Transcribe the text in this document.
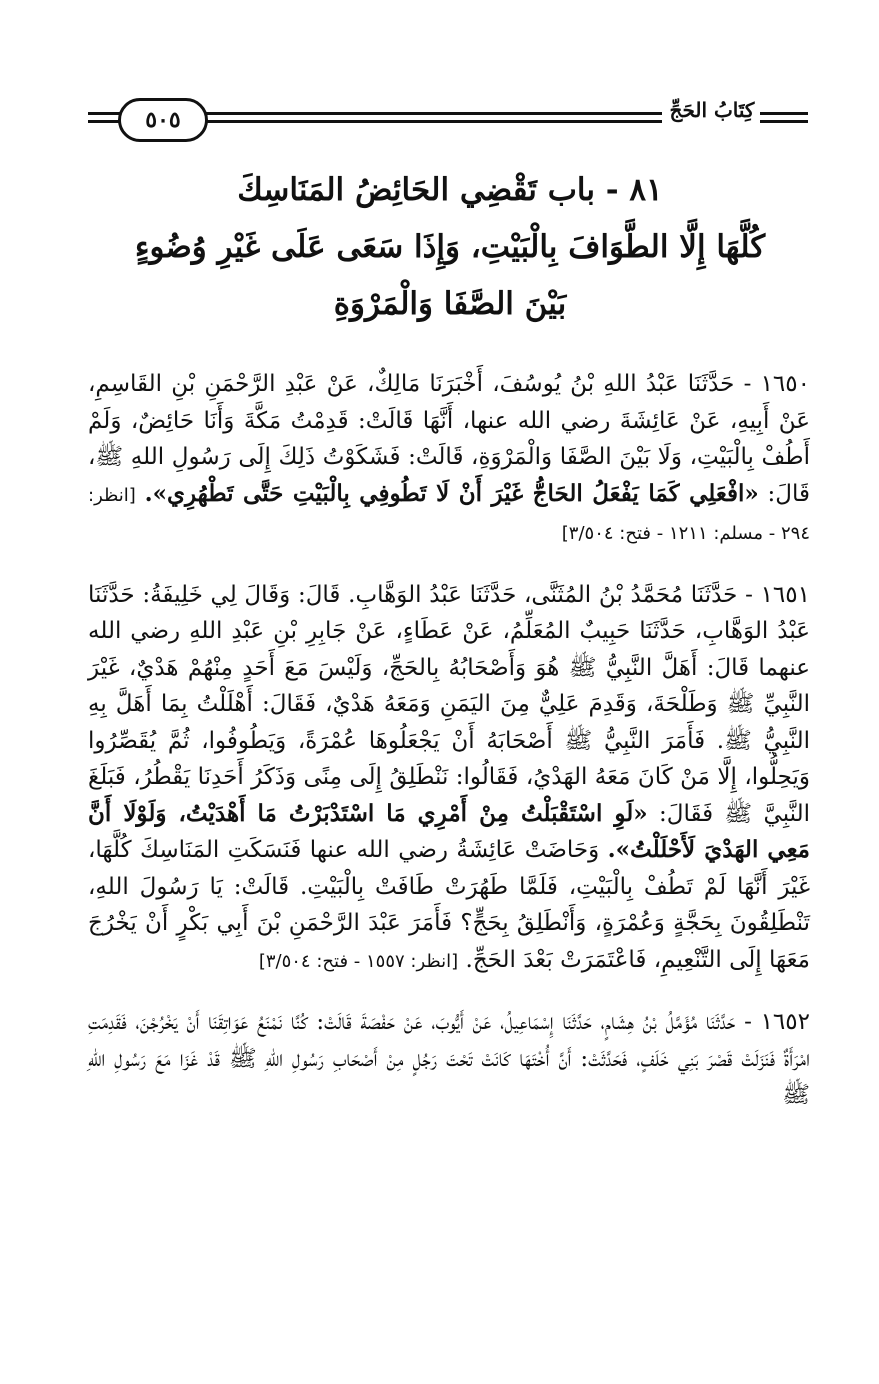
٥٠٥	كِتَابُ الحَجِّ
٨١ - باب تَقْضِي الحَائِضُ المَنَاسِكَ
كُلَّهَا إِلَّا الطَّوَافَ بِالْبَيْتِ، وَإِذَا سَعَى عَلَى غَيْرِ وُضُوءٍ
بَيْنَ الصَّفَا وَالْمَرْوَةِ

١٦٥٠ - حَدَّثَنَا عَبْدُ اللهِ بْنُ يُوسُفَ، أَخْبَرَنَا مَالِكٌ، عَنْ عَبْدِ الرَّحْمَنِ بْنِ القَاسِمِ، عَنْ أَبِيهِ، عَنْ عَائِشَةَ رضي الله عنها، أَنَّهَا قَالَتْ: قَدِمْتُ مَكَّةَ وَأَنَا حَائِضٌ، وَلَمْ أَطُفْ بِالْبَيْتِ، وَلَا بَيْنَ الصَّفَا وَالْمَرْوَةِ، قَالَتْ: فَشَكَوْتُ ذَلِكَ إِلَى رَسُولِ اللهِ ﷺ، قَالَ: «افْعَلِي كَمَا يَفْعَلُ الحَاجُّ غَيْرَ أَنْ لَا تَطُوفِي بِالْبَيْتِ حَتَّى تَطْهُرِي». [انظر: ٢٩٤ - مسلم: ١٢١١ - فتح: ٣/٥٠٤]

١٦٥١ - حَدَّثَنَا مُحَمَّدُ بْنُ المُثَنَّى، حَدَّثَنَا عَبْدُ الوَهَّابِ. قَالَ: وَقَالَ لِي خَلِيفَةُ: حَدَّثَنَا عَبْدُ الوَهَّابِ، حَدَّثَنَا حَبِيبٌ المُعَلِّمُ، عَنْ عَطَاءٍ، عَنْ جَابِرِ بْنِ عَبْدِ اللهِ رضي الله عنهما قَالَ: أَهَلَّ النَّبِيُّ ﷺ هُوَ وَأَصْحَابُهُ بِالحَجِّ، وَلَيْسَ مَعَ أَحَدٍ مِنْهُمْ هَدْيٌ، غَيْرَ النَّبِيِّ ﷺ وَطَلْحَةَ، وَقَدِمَ عَلِيٌّ مِنَ اليَمَنِ وَمَعَهُ هَدْيٌ، فَقَالَ: أَهْلَلْتُ بِمَا أَهَلَّ بِهِ النَّبِيُّ ﷺ. فَأَمَرَ النَّبِيُّ ﷺ أَصْحَابَهُ أَنْ يَجْعَلُوهَا عُمْرَةً، وَيَطُوفُوا، ثُمَّ يُقَصِّرُوا وَيَحِلُّوا، إِلَّا مَنْ كَانَ مَعَهُ الهَدْيُ، فَقَالُوا: نَنْطَلِقُ إِلَى مِنًى وَذَكَرُ أَحَدِنَا يَقْطُرُ، فَبَلَغَ النَّبِيَّ ﷺ فَقَالَ: «لَوِ اسْتَقْبَلْتُ مِنْ أَمْرِي مَا اسْتَدْبَرْتُ مَا أَهْدَيْتُ، وَلَوْلَا أَنَّ مَعِي الهَدْيَ لَأَحْلَلْتُ». وَحَاضَتْ عَائِشَةُ رضي الله عنها فَنَسَكَتِ المَنَاسِكَ كُلَّهَا، غَيْرَ أَنَّهَا لَمْ تَطُفْ بِالْبَيْتِ، فَلَمَّا طَهُرَتْ طَافَتْ بِالْبَيْتِ. قَالَتْ: يَا رَسُولَ اللهِ، تَنْطَلِقُونَ بِحَجَّةٍ وَعُمْرَةٍ، وَأَنْطَلِقُ بِحَجٍّ؟ فَأَمَرَ عَبْدَ الرَّحْمَنِ بْنَ أَبِي بَكْرٍ أَنْ يَخْرُجَ مَعَهَا إِلَى التَّنْعِيمِ، فَاعْتَمَرَتْ بَعْدَ الحَجِّ. [انظر: ١٥٥٧ - فتح: ٣/٥٠٤]

١٦٥٢ - حَدَّثَنَا مُؤَمَّلُ بْنُ هِشَامٍ، حَدَّثَنَا إِسْمَاعِيلُ، عَنْ أَيُّوبَ، عَنْ حَفْصَةَ قَالَتْ: كُنَّا نَمْنَعُ عَوَاتِقَنَا أَنْ يَخْرُجْنَ، فَقَدِمَتِ امْرَأَةٌ فَنَزَلَتْ قَصْرَ بَنِي خَلَفٍ، فَحَدَّثَتْ: أَنَّ أُخْتَهَا كَانَتْ تَحْتَ رَجُلٍ مِنْ أَصْحَابِ رَسُولِ اللهِ ﷺ قَدْ غَزَا مَعَ رَسُولِ اللهِ ﷺ
